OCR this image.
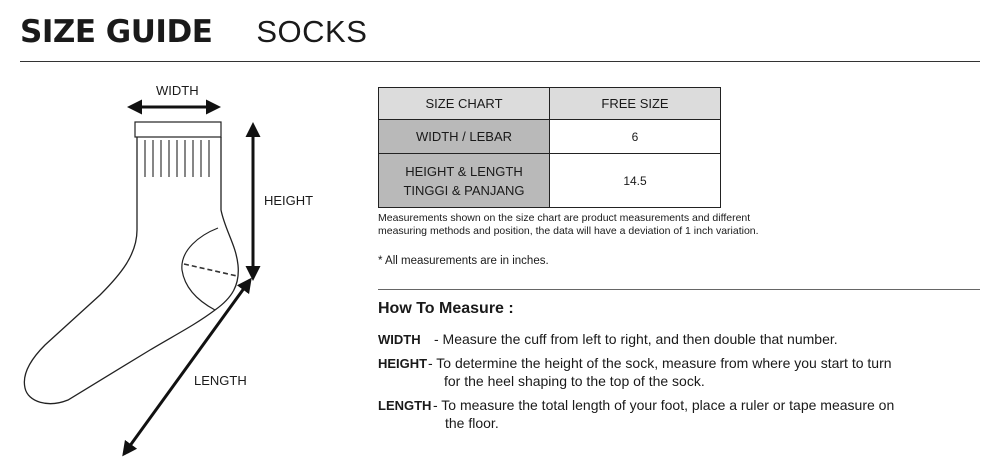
SIZE GUIDE SOCKS
WIDTH
HEIGHT
LENGTH
SIZE CHART	FREE SIZE
WIDTH / LEBAR	6

HEIGHT & LENGTH
TINGGI & PANJANG	14.5
Measurements shown on the size chart are product measurements and different
measuring methods and position, the data will have a deviation of 1 inch variation.
* All measurements are in inches.
How To Measure :
WIDTH - Measure the cuff from left to right, and then double that number.
HEIGHT - To determine the height of the sock, measure from where you start to turn
for the heel shaping to the top of the sock.
LENGTH - To measure the total length of your foot, place a ruler or tape measure on
the floor.
